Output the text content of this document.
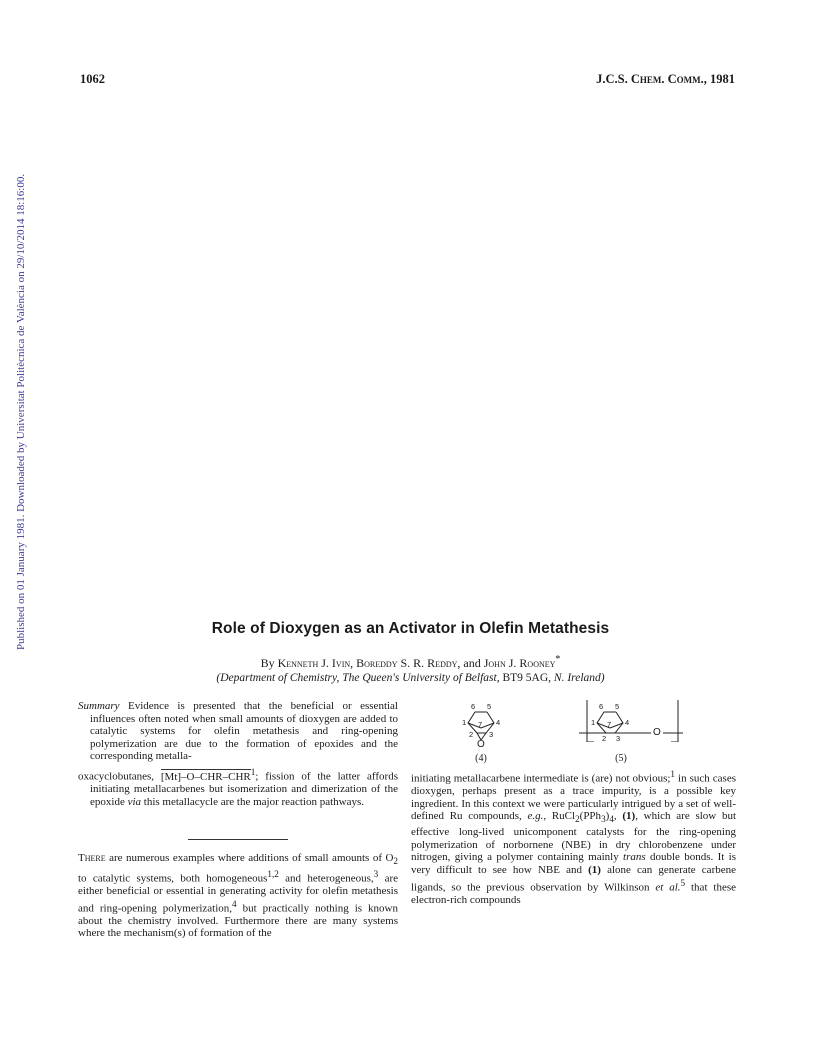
1062	J.C.S. Chem. Comm., 1981
Published on 01 January 1981. Downloaded by Universitat Politècnica de València on 29/10/2014 18:16:00.	Role of Dioxygen as an Activator in Olefin Metathesis
By Kenneth J. Ivin, Boreddy S. R. Reddy, and John J. Rooney*
(Department of Chemistry, The Queen's University of Belfast, BT9 5AG, N. Ireland)

Summary Evidence is presented that the beneficial or essential influences often noted when small amounts of dioxygen are added to catalytic systems for olefin metathesis and ring-opening polymerization are due to the formation of epoxides and the corresponding metalla-

oxacyclobutanes, [Mt]–O–CHR–CHR$^1$; fission of the latter affords initiating metallacarbenes but isomerization and dimerization of the epoxide via this metallacycle are the major reaction pathways.

There are numerous examples where additions of small amounts of $O_2$ to catalytic systems, both homogeneous$^{1,2}$ and heterogeneous,$^3$ are either beneficial or essential in generating activity for olefin metathesis and ring-opening polymerization,$^4$ but practically nothing is known about the chemistry involved. Furthermore there are many systems where the mechanism(s) of formation of the

6 5
1 7 4
2 3
6 5
1 7 4
2 3
O
O
(4)	(5)

initiating metallacarbene intermediate is (are) not obvious;$^1$ in such cases dioxygen, perhaps present as a trace impurity, is a possible key ingredient. In this context we were particularly intrigued by a set of well-defined Ru compounds, e.g., $RuCl_2(PPh_3)_4$, (1), which are slow but effective long-lived unicomponent catalysts for the ring-opening polymerization of norbornene (NBE) in dry chlorobenzene under nitrogen, giving a polymer containing mainly trans double bonds. It is very difficult to see how NBE and (1) alone can generate carbene ligands, so the previous observation by Wilkinson et al.$^5$ that these electron-rich compounds
